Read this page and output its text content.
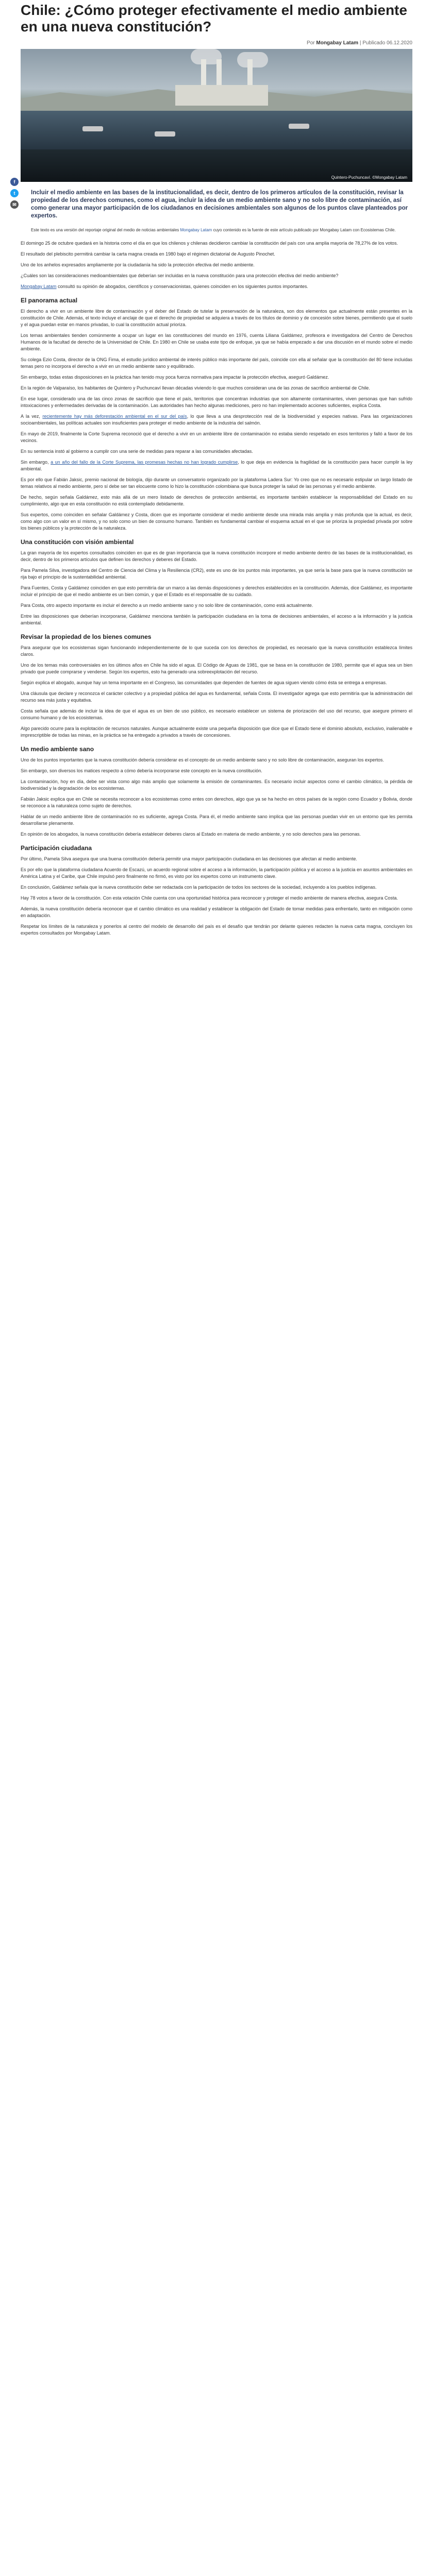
Chile: ¿Cómo proteger efectivamente el medio ambiente en una nueva constitución?
Por Mongabay Latam | Publicado 06.12.2020
Quintero-Puchuncaví. ©Mongabay Latam
f
t
✉

Incluir el medio ambiente en las bases de la institucionalidad, es decir, dentro de los primeros artículos de la constitución, revisar la propiedad de los derechos comunes, como el agua, incluir la idea de un medio ambiente sano y no solo libre de contaminación, así como generar una mayor participación de los ciudadanos en decisiones ambientales son algunos de los puntos clave planteados por expertos.

Este texto es una versión del reportaje original del medio de noticias ambientales Mongabay Latam cuyo contenido es la fuente de este artículo publicado por Mongabay Latam con Ecosistemas Chile.

El domingo 25 de octubre quedará en la historia como el día en que los chilenos y chilenas decidieron cambiar la constitución del país con una amplia mayoría de 78,27% de los votos.

El resultado del plebiscito permitirá cambiar la carta magna creada en 1980 bajo el régimen dictatorial de Augusto Pinochet.

Uno de los anhelos expresados ampliamente por la ciudadanía ha sido la protección efectiva del medio ambiente.

¿Cuáles son las consideraciones medioambientales que deberían ser incluidas en la nueva constitución para una protección efectiva del medio ambiente?

Mongabay Latam consultó su opinión de abogados, científicos y conservacionistas, quienes coinciden en los siguientes puntos importantes.

El panorama actual

El derecho a vivir en un ambiente libre de contaminación y el deber del Estado de tutelar la preservación de la naturaleza, son dos elementos que actualmente están presentes en la constitución de Chile. Además, el texto incluye el anclaje de que el derecho de propiedad se adquiera a través de los títulos de dominio y de concesión sobre bienes, permitiendo que el suelo y el agua puedan estar en manos privadas, lo cual la constitución actual prioriza.

Los temas ambientales tienden comúnmente a ocupar un lugar en las constituciones del mundo en 1976, cuenta Liliana Galdámez, profesora e investigadora del Centro de Derechos Humanos de la facultad de derecho de la Universidad de Chile. En 1980 en Chile se usaba este tipo de enfoque, ya que se había empezado a dar una discusión en el mundo sobre el medio ambiente.

Su colega Ezio Costa, director de la ONG Fima, el estudio jurídico ambiental de interés público más importante del país, coincide con ella al señalar que la constitución del 80 tiene incluidas temas pero no incorpora el derecho a vivir en un medio ambiente sano y equilibrado.

Sin embargo, todas estas disposiciones en la práctica han tenido muy poca fuerza normativa para impactar la protección efectiva, aseguró Galdámez.

En la región de Valparaíso, los habitantes de Quintero y Puchuncaví llevan décadas viviendo lo que muchos consideran una de las zonas de sacrificio ambiental de Chile.

En ese lugar, considerado una de las cinco zonas de sacrificio que tiene el país, territorios que concentran industrias que son altamente contaminantes, viven personas que han sufrido intoxicaciones y enfermedades derivadas de la contaminación. Las autoridades han hecho algunas mediciones, pero no han implementado acciones suficientes, explica Costa.

A la vez, recientemente hay más deforestación ambiental en el sur del país, lo que lleva a una desprotección real de la biodiversidad y especies nativas. Para las organizaciones socioambientales, las políticas actuales son insuficientes para proteger el medio ambiente de la industria del salmón.

En mayo de 2019, finalmente la Corte Suprema reconoció que el derecho a vivir en un ambiente libre de contaminación no estaba siendo respetado en esos territorios y falló a favor de los vecinos.

En su sentencia instó al gobierno a cumplir con una serie de medidas para reparar a las comunidades afectadas.

Sin embargo, a un año del fallo de la Corte Suprema, las promesas hechas no han logrado cumplirse, lo que deja en evidencia la fragilidad de la constitución para hacer cumplir la ley ambiental.

Es por ello que Fabián Jaksic, premio nacional de biología, dijo durante un conversatorio organizado por la plataforma Ladera Sur: Yo creo que no es necesario estipular un largo listado de temas relativos al medio ambiente, pero sí debe ser tan elocuente como lo hizo la constitución colombiana que busca proteger la salud de las personas y el medio ambiente.

De hecho, según señala Galdámez, esto más allá de un mero listado de derechos de protección ambiental, es importante también establecer la responsabilidad del Estado en su cumplimiento, algo que en esta constitución no está contemplado debidamente.

Sus expertos, como coinciden en señalar Galdámez y Costa, dicen que es importante considerar el medio ambiente desde una mirada más amplia y más profunda que la actual, es decir, como algo con un valor en sí mismo, y no solo como un bien de consumo humano. También es fundamental cambiar el esquema actual en el que se prioriza la propiedad privada por sobre los bienes públicos y la protección de la naturaleza.

Una constitución con visión ambiental

La gran mayoría de los expertos consultados coinciden en que es de gran importancia que la nueva constitución incorpore el medio ambiente dentro de las bases de la institucionalidad, es decir, dentro de los primeros artículos que definen los derechos y deberes del Estado.

Para Pamela Silva, investigadora del Centro de Ciencia del Clima y la Resiliencia (CR2), este es uno de los puntos más importantes, ya que sería la base para que la nueva constitución se rija bajo el principio de la sustentabilidad ambiental.

Para Fuentes, Costa y Galdámez coinciden en que esto permitiría dar un marco a las demás disposiciones y derechos establecidos en la constitución. Además, dice Galdámez, es importante incluir el principio de que el medio ambiente es un bien común, y que el Estado es el responsable de su cuidado.

Para Costa, otro aspecto importante es incluir el derecho a un medio ambiente sano y no solo libre de contaminación, como está actualmente.

Entre las disposiciones que deberían incorporarse, Galdámez menciona también la participación ciudadana en la toma de decisiones ambientales, el acceso a la información y la justicia ambiental.

Revisar la propiedad de los bienes comunes

Para asegurar que los ecosistemas sigan funcionando independientemente de lo que suceda con los derechos de propiedad, es necesario que la nueva constitución establezca límites claros.

Uno de los temas más controversiales en los últimos años en Chile ha sido el agua. El Código de Aguas de 1981, que se basa en la constitución de 1980, permite que el agua sea un bien privado que puede comprarse y venderse. Según los expertos, esto ha generado una sobreexplotación del recurso.

Según explica el abogado, aunque hay un tema importante en el Congreso, las comunidades que dependen de fuentes de agua siguen viendo cómo ésta se entrega a empresas.

Una cláusula que declare y reconozca el carácter colectivo y a propiedad pública del agua es fundamental, señala Costa. El investigador agrega que esto permitiría que la administración del recurso sea más justa y equitativa.

Costa señala que además de incluir la idea de que el agua es un bien de uso público, es necesario establecer un sistema de priorización del uso del recurso, que asegure primero el consumo humano y de los ecosistemas.

Algo parecido ocurre para la explotación de recursos naturales. Aunque actualmente existe una pequeña disposición que dice que el Estado tiene el dominio absoluto, exclusivo, inalienable e imprescriptible de todas las minas, en la práctica se ha entregado a privados a través de concesiones.

Un medio ambiente sano

Uno de los puntos importantes que la nueva constitución debería considerar es el concepto de un medio ambiente sano y no solo libre de contaminación, aseguran los expertos.

Sin embargo, son diversos los matices respecto a cómo debería incorporarse este concepto en la nueva constitución.

La contaminación, hoy en día, debe ser vista como algo más amplio que solamente la emisión de contaminantes. Es necesario incluir aspectos como el cambio climático, la pérdida de biodiversidad y la degradación de los ecosistemas.

Fabián Jaksic explica que en Chile se necesita reconocer a los ecosistemas como entes con derechos, algo que ya se ha hecho en otros países de la región como Ecuador y Bolivia, donde se reconoce a la naturaleza como sujeto de derechos.

Hablar de un medio ambiente libre de contaminación no es suficiente, agrega Costa. Para él, el medio ambiente sano implica que las personas puedan vivir en un entorno que les permita desarrollarse plenamente.

En opinión de los abogados, la nueva constitución debería establecer deberes claros al Estado en materia de medio ambiente, y no solo derechos para las personas.

Participación ciudadana

Por último, Pamela Silva asegura que una buena constitución debería permitir una mayor participación ciudadana en las decisiones que afectan al medio ambiente.

Es por ello que la plataforma ciudadana Acuerdo de Escazú, un acuerdo regional sobre el acceso a la información, la participación pública y el acceso a la justicia en asuntos ambientales en América Latina y el Caribe, que Chile impulsó pero finalmente no firmó, es visto por los expertos como un instrumento clave.

En conclusión, Galdámez señala que la nueva constitución debe ser redactada con la participación de todos los sectores de la sociedad, incluyendo a los pueblos indígenas.

Hay 78 votos a favor de la constitución. Con esta votación Chile cuenta con una oportunidad histórica para reconocer y proteger el medio ambiente de manera efectiva, asegura Costa.

Además, la nueva constitución debería reconocer que el cambio climático es una realidad y establecer la obligación del Estado de tomar medidas para enfrentarlo, tanto en mitigación como en adaptación.

Respetar los límites de la naturaleza y ponerlos al centro del modelo de desarrollo del país es el desafío que tendrán por delante quienes redacten la nueva carta magna, concluyen los expertos consultados por Mongabay Latam.
